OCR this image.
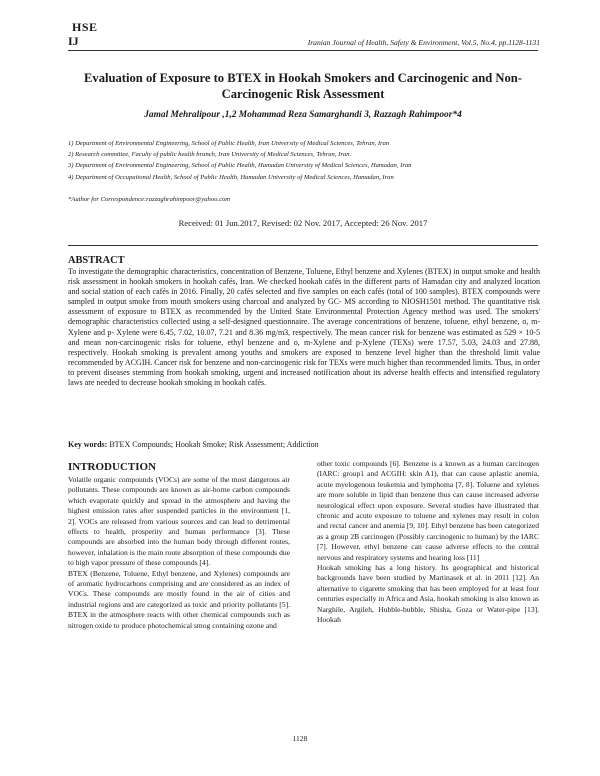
HSE
IJ	Iranian Journal of Health, Safety & Environment, Vol.5, No.4, pp.1128-1131
Evaluation of Exposure to BTEX in Hookah Smokers and Carcinogenic and Non- Carcinogenic Risk Assessment
Jamal Mehralipour ,1,2 Mohammad Reza Samarghandi 3, Razzagh Rahimpoor*4
1) Department of Environmental Engineering, School of Public Health, Iran University of Medical Sciences, Tehran, Iran
2) Research committee, Faculty of public health branch, Iran University of Medical Sciences, Tehran, Iran.
3) Department of Environmental Engineering, School of Public Health, Hamadan University of Medical Sciences, Hamadan, Iran
4) Department of Occupational Health, School of Public Health, Hamadan University of Medical Sciences, Hamadan, Iran
*Author for Correspondence:razzaghrahimpoor@yahoo.com
Received: 01 Jun.2017, Revised: 02 Nov. 2017, Accepted: 26 Nov. 2017
ABSTRACT
To investigate the demographic characteristics, concentration of Benzene, Toluene, Ethyl benzene and Xylenes (BTEX) in output smoke and health risk assessment in hookah smokers in hookah cafés, Iran. We checked hookah cafés in the different parts of Hamadan city and analyzed location and social station of each cafés in 2016. Finally, 20 cafés selected and five samples on each cafés (total of 100 samples). BTEX compounds were sampled in output smoke from mouth smokers using charcoal and analyzed by GC- MS according to NIOSH1501 method. The quantitative risk assessment of exposure to BTEX as recommended by the United State Environmental Protection Agency method was used. The smokers' demographic characteristics collected using a self-designed questionnaire. The average concentrations of benzene, toluene, ethyl benzene, o, m-Xylene and p- Xylene were 6.45, 7.02, 10.07, 7.21 and 8.36 mg/m3, respectively. The mean cancer risk for benzene was estimated as 529 × 10-5 and mean non-carcinogenic risks for toluene, ethyl benzene and o, m-Xylene and p-Xylene (TEXs) were 17.57, 5.03, 24.03 and 27.88, respectively. Hookah smoking is prevalent among youths and smokers are exposed to benzene level higher than the threshold limit value recommended by ACGIH. Cancer risk for benzene and non-carcinogenic risk for TEXs were much higher than recommended limits. Thus, in order to prevent diseases stemming from hookah smoking, urgent and increased notification about its adverse health effects and intensified regulatory laws are needed to decrease hookah smoking in hookah cafés.
Key words: BTEX Compounds; Hookah Smoke; Risk Assessment; Addiction
INTRODUCTION

Volatile organic compounds (VOCs) are some of the most dangerous air pollutants. These compounds are known as air-borne carbon compounds which evaporate quickly and spread in the atmosphere and having the highest emission rates after suspended particles in the environment [1, 2]. VOCs are released from various sources and can lead to detrimental effects to health, prosperity and human performance [3]. These compounds are absorbed into the human body through different routes, however, inhalation is the main route absorption of these compounds due to high vapor pressure of these compounds [4].

BTEX (Benzene, Toluene, Ethyl benzene, and Xylenes) compounds are of aromatic hydrocarbons comprising and are considered as an index of VOCs. These compounds are mostly found in the air of cities and industrial regions and are categorized as toxic and priority pollutants [5]. BTEX in the atmosphere reacts with other chemical compounds such as nitrogen oxide to produce photochemical smog containing ozone and

other toxic compounds [6]. Benzene is a known as a human carcinogen (IARC: group1 and ACGIH: skin A1), that can cause aplastic anemia, acute myelogenous leukemia and lymphoma [7, 8]. Toluene and xylenes are more soluble in lipid than benzene thus can cause increased adverse neurological effect upon exposure. Several studies have illustrated that chronic and acute exposure to toluene and xylenes may result in colon and rectal cancer and anemia [9, 10]. Ethyl benzene has been categorized as a group 2B carcinogen (Possibly carcinogenic to human) by the IARC [7]. However, ethyl benzene can cause adverse effects to the central nervous and respiratory systems and hearing loss [11]

Hookah smoking has a long history. Its geographical and historical backgrounds have been studied by Martinasek et al. in 2011 [12]. An alternative to cigarette smoking that has been employed for at least four centuries especially in Africa and Asia, hookah smoking is also known as Narghile, Argileh, Hubble-bubble, Shisha, Goza or Water-pipe [13]. Hookah

1128
